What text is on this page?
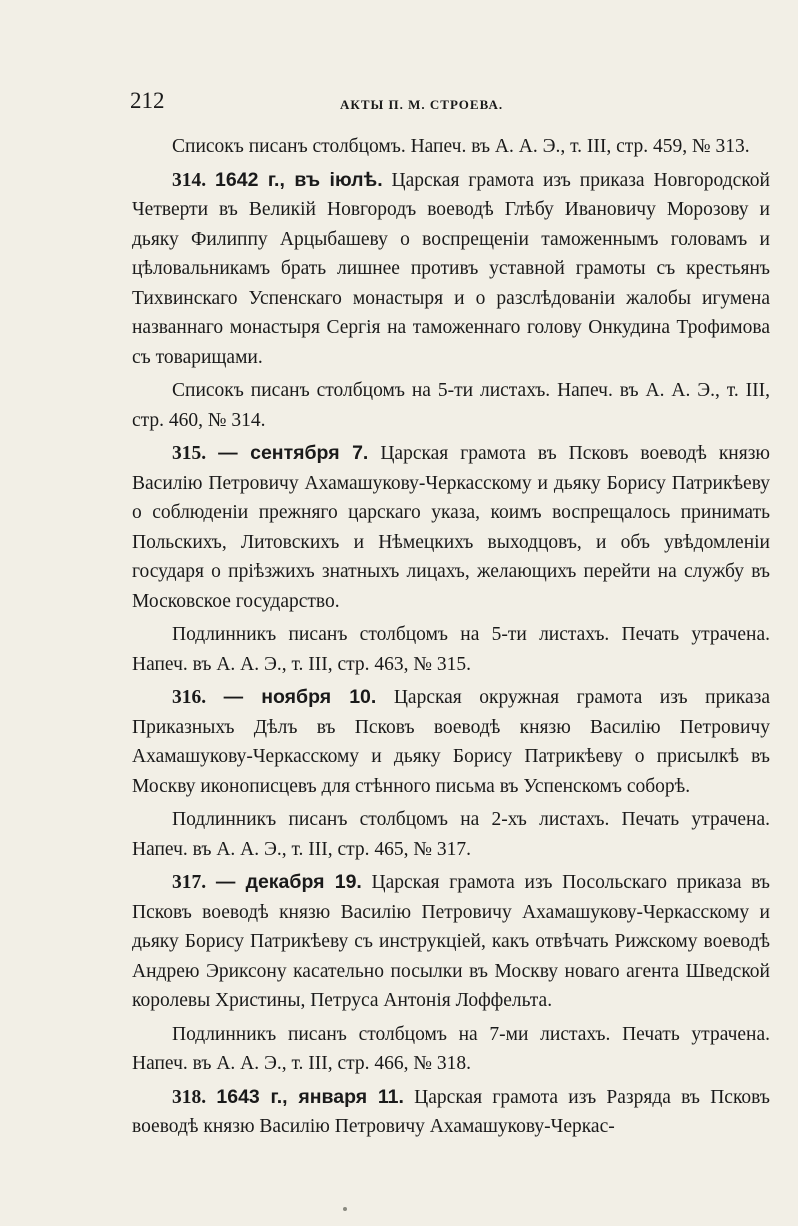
212	АКТЫ П. М. СТРОЕВА.

Списокъ писанъ столбцомъ. Напеч. въ А. А. Э., т. III, стр. 459, № 313.

314. 1642 г., въ іюлѣ. Царская грамота изъ приказа Новгородской Четверти въ Великій Новгородъ воеводѣ Глѣбу Ивановичу Морозову и дьяку Филиппу Арцыбашеву о воспрещеніи таможеннымъ головамъ и цѣловальникамъ брать лишнее противъ уставной грамоты съ крестьянъ Тихвинскаго Успенскаго монастыря и о разслѣдованіи жалобы игумена названнаго монастыря Сергія на таможеннаго голову Онкудина Трофимова съ товарищами.

Списокъ писанъ столбцомъ на 5-ти листахъ. Напеч. въ А. А. Э., т. III, стр. 460, № 314.

315. — сентября 7. Царская грамота въ Псковъ воеводѣ князю Василію Петровичу Ахамашукову-Черкасскому и дьяку Борису Патрикѣеву о соблюденіи прежняго царскаго указа, коимъ воспрещалось принимать Польскихъ, Литовскихъ и Нѣмецкихъ выходцовъ, и объ увѣдомленіи государя о пріѣзжихъ знатныхъ лицахъ, желающихъ перейти на службу въ Московское государство.

Подлинникъ писанъ столбцомъ на 5-ти листахъ. Печать утрачена. Напеч. въ А. А. Э., т. III, стр. 463, № 315.

316. — ноября 10. Царская окружная грамота изъ приказа Приказныхъ Дѣлъ въ Псковъ воеводѣ князю Василію Петровичу Ахамашукову-Черкасскому и дьяку Борису Патрикѣеву о присылкѣ въ Москву иконописцевъ для стѣнного письма въ Успенскомъ соборѣ.

Подлинникъ писанъ столбцомъ на 2-хъ листахъ. Печать утрачена. Напеч. въ А. А. Э., т. III, стр. 465, № 317.

317. — декабря 19. Царская грамота изъ Посольскаго приказа въ Псковъ воеводѣ князю Василію Петровичу Ахамашукову-Черкасскому и дьяку Борису Патрикѣеву съ инструкціей, какъ отвѣчать Рижскому воеводѣ Андрею Эриксону касательно посылки въ Москву новаго агента Шведской королевы Христины, Петруса Антонія Лоффельта.

Подлинникъ писанъ столбцомъ на 7-ми листахъ. Печать утрачена. Напеч. въ А. А. Э., т. III, стр. 466, № 318.

318. 1643 г., января 11. Царская грамота изъ Разряда въ Псковъ воеводѣ князю Василію Петровичу Ахамашукову-Черкас-
